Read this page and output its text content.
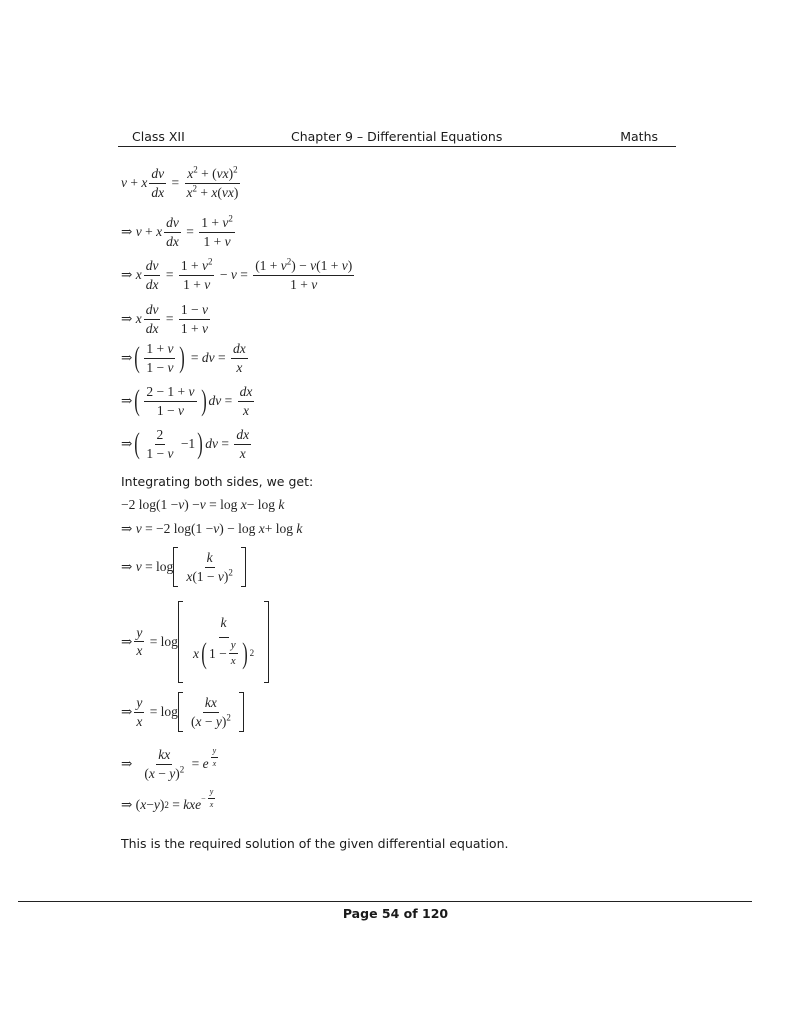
Class XII	Chapter 9 – Differential Equations	Maths
v + x $\frac{dv}{dx} = \frac{x^2 + (vx)^2}{x^2 + x(vx)}$
⇒ v + x $\frac{dv}{dx} = \frac{1 + v^2}{1 + v}$
⇒ x $\frac{dv}{dx} = \frac{1 + v^2}{1 + v} - v = \frac{(1 + v^2) - v(1 + v)}{1 + v}$
⇒ x $\frac{dv}{dx} = \frac{1 - v}{1 + v}$
⇒ ( $\frac{1 + v}{1 - v}$ ) = dv = $\frac{dx}{x}$
⇒ ( $\frac{2 - 1 + v}{1 - v}$ ) dv = $\frac{dx}{x}$
⇒ ( $\frac{2}{1 - v} -1$ ) dv = $\frac{dx}{x}$
Integrating both sides, we get:
−2 log(1 − v ) − v = log x − log k
⇒ v = −2 log(1 − v ) − log x + log k
⇒ $v = \log \frac{k}{x(1 - v)^2}$
⇒ $\frac{y}{x} = \log \frac{k}{x ( 1 - \frac{y}{x} ) 2}$
⇒ $\frac{y}{x} = \log \frac{kx}{(x - y)^2}$
⇒ $\frac{kx}{(x - y)^2} = e \frac{y}{x}$
⇒ ( x − y ) 2 = kxe − $\frac{y}{x}$
This is the required solution of the given differential equation.
Page 54 of 120
